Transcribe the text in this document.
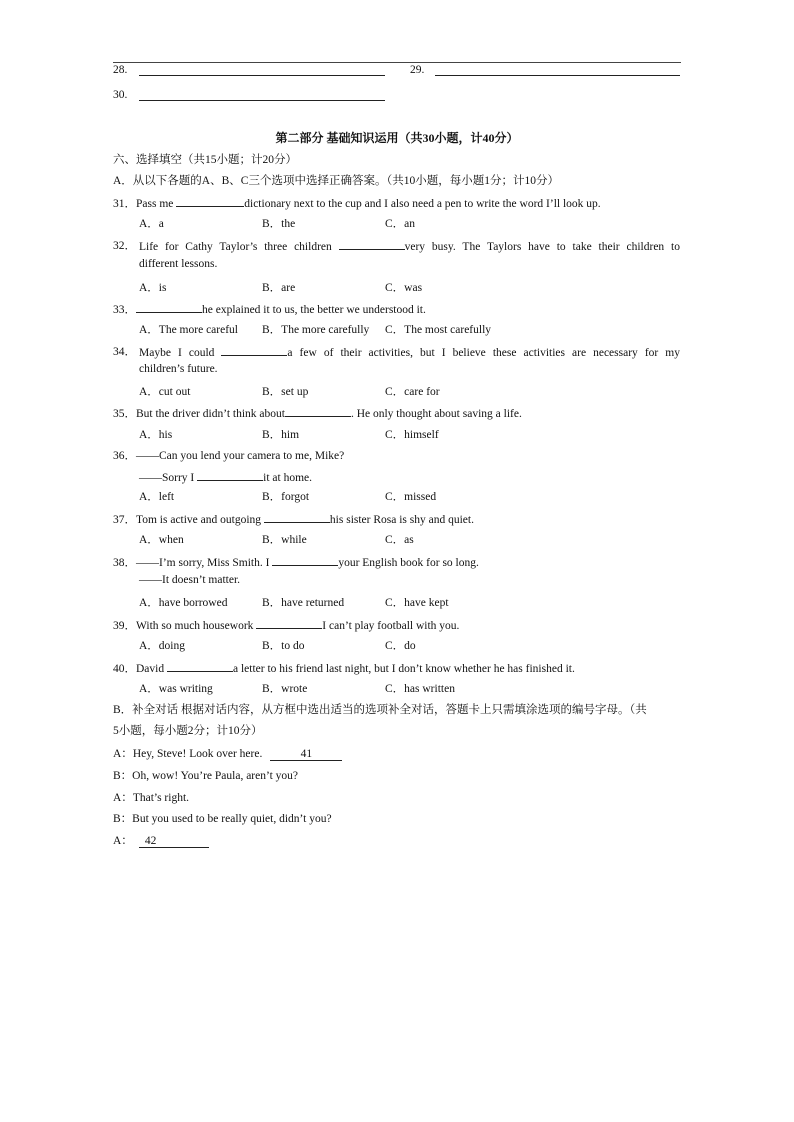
28.	29.
30.
第二部分 基础知识运用（共30小题，计40分）
六、选择填空（共15小题；计20分）
A．从以下各题的A、B、C三个选项中选择正确答案。（共10小题，每小题1分；计10分）
31．Pass me	dictionary next to the cup and I also need a pen to write the word I’ll look up.
A．a	B．the	C．an
32． Life for Cathy Taylor’s three children	very busy. The Taylors have to take their children to
different lessons.
A．is	B．are	C．was
33．	he explained it to us, the better we understood it.
A．The more careful B．The more carefully C．The most carefully
34． Maybe I could	a few of their activities, but I believe these activities are necessary for my
children’s future.
A．cut out	B．set up	C．care for
35．But the driver didn’t think about	. He only thought about saving a life.
A．his	B．him	C．himself
36．——Can you lend your camera to me, Mike?
——Sorry I	it at home.
A．left	B．forgot	C．missed
37．Tom is active and outgoing	his sister Rosa is shy and quiet.
A．when	B．while	C．as
38．——I’m sorry, Miss Smith. I	your English book for so long.
——It doesn’t matter.
A．have borrowed	B．have returned	C．have kept
39．With so much housework	I can’t play football with you.
A．doing	B．to do	C．do
40．David	a letter to his friend last night, but I don’t know whether he has finished it.
A．was writing	B．wrote	C．has written
B．补全对话 根据对话内容，从方框中选出适当的选项补全对话，答题卡上只需填涂选项的编号字母。（共
5小题，每小题2分；计10分）
A：Hey, Steve! Look over here.	41
B：Oh, wow! You’re Paula, aren’t you?
A：That’s right.
B：But you used to be really quiet, didn’t you?
A： 42
